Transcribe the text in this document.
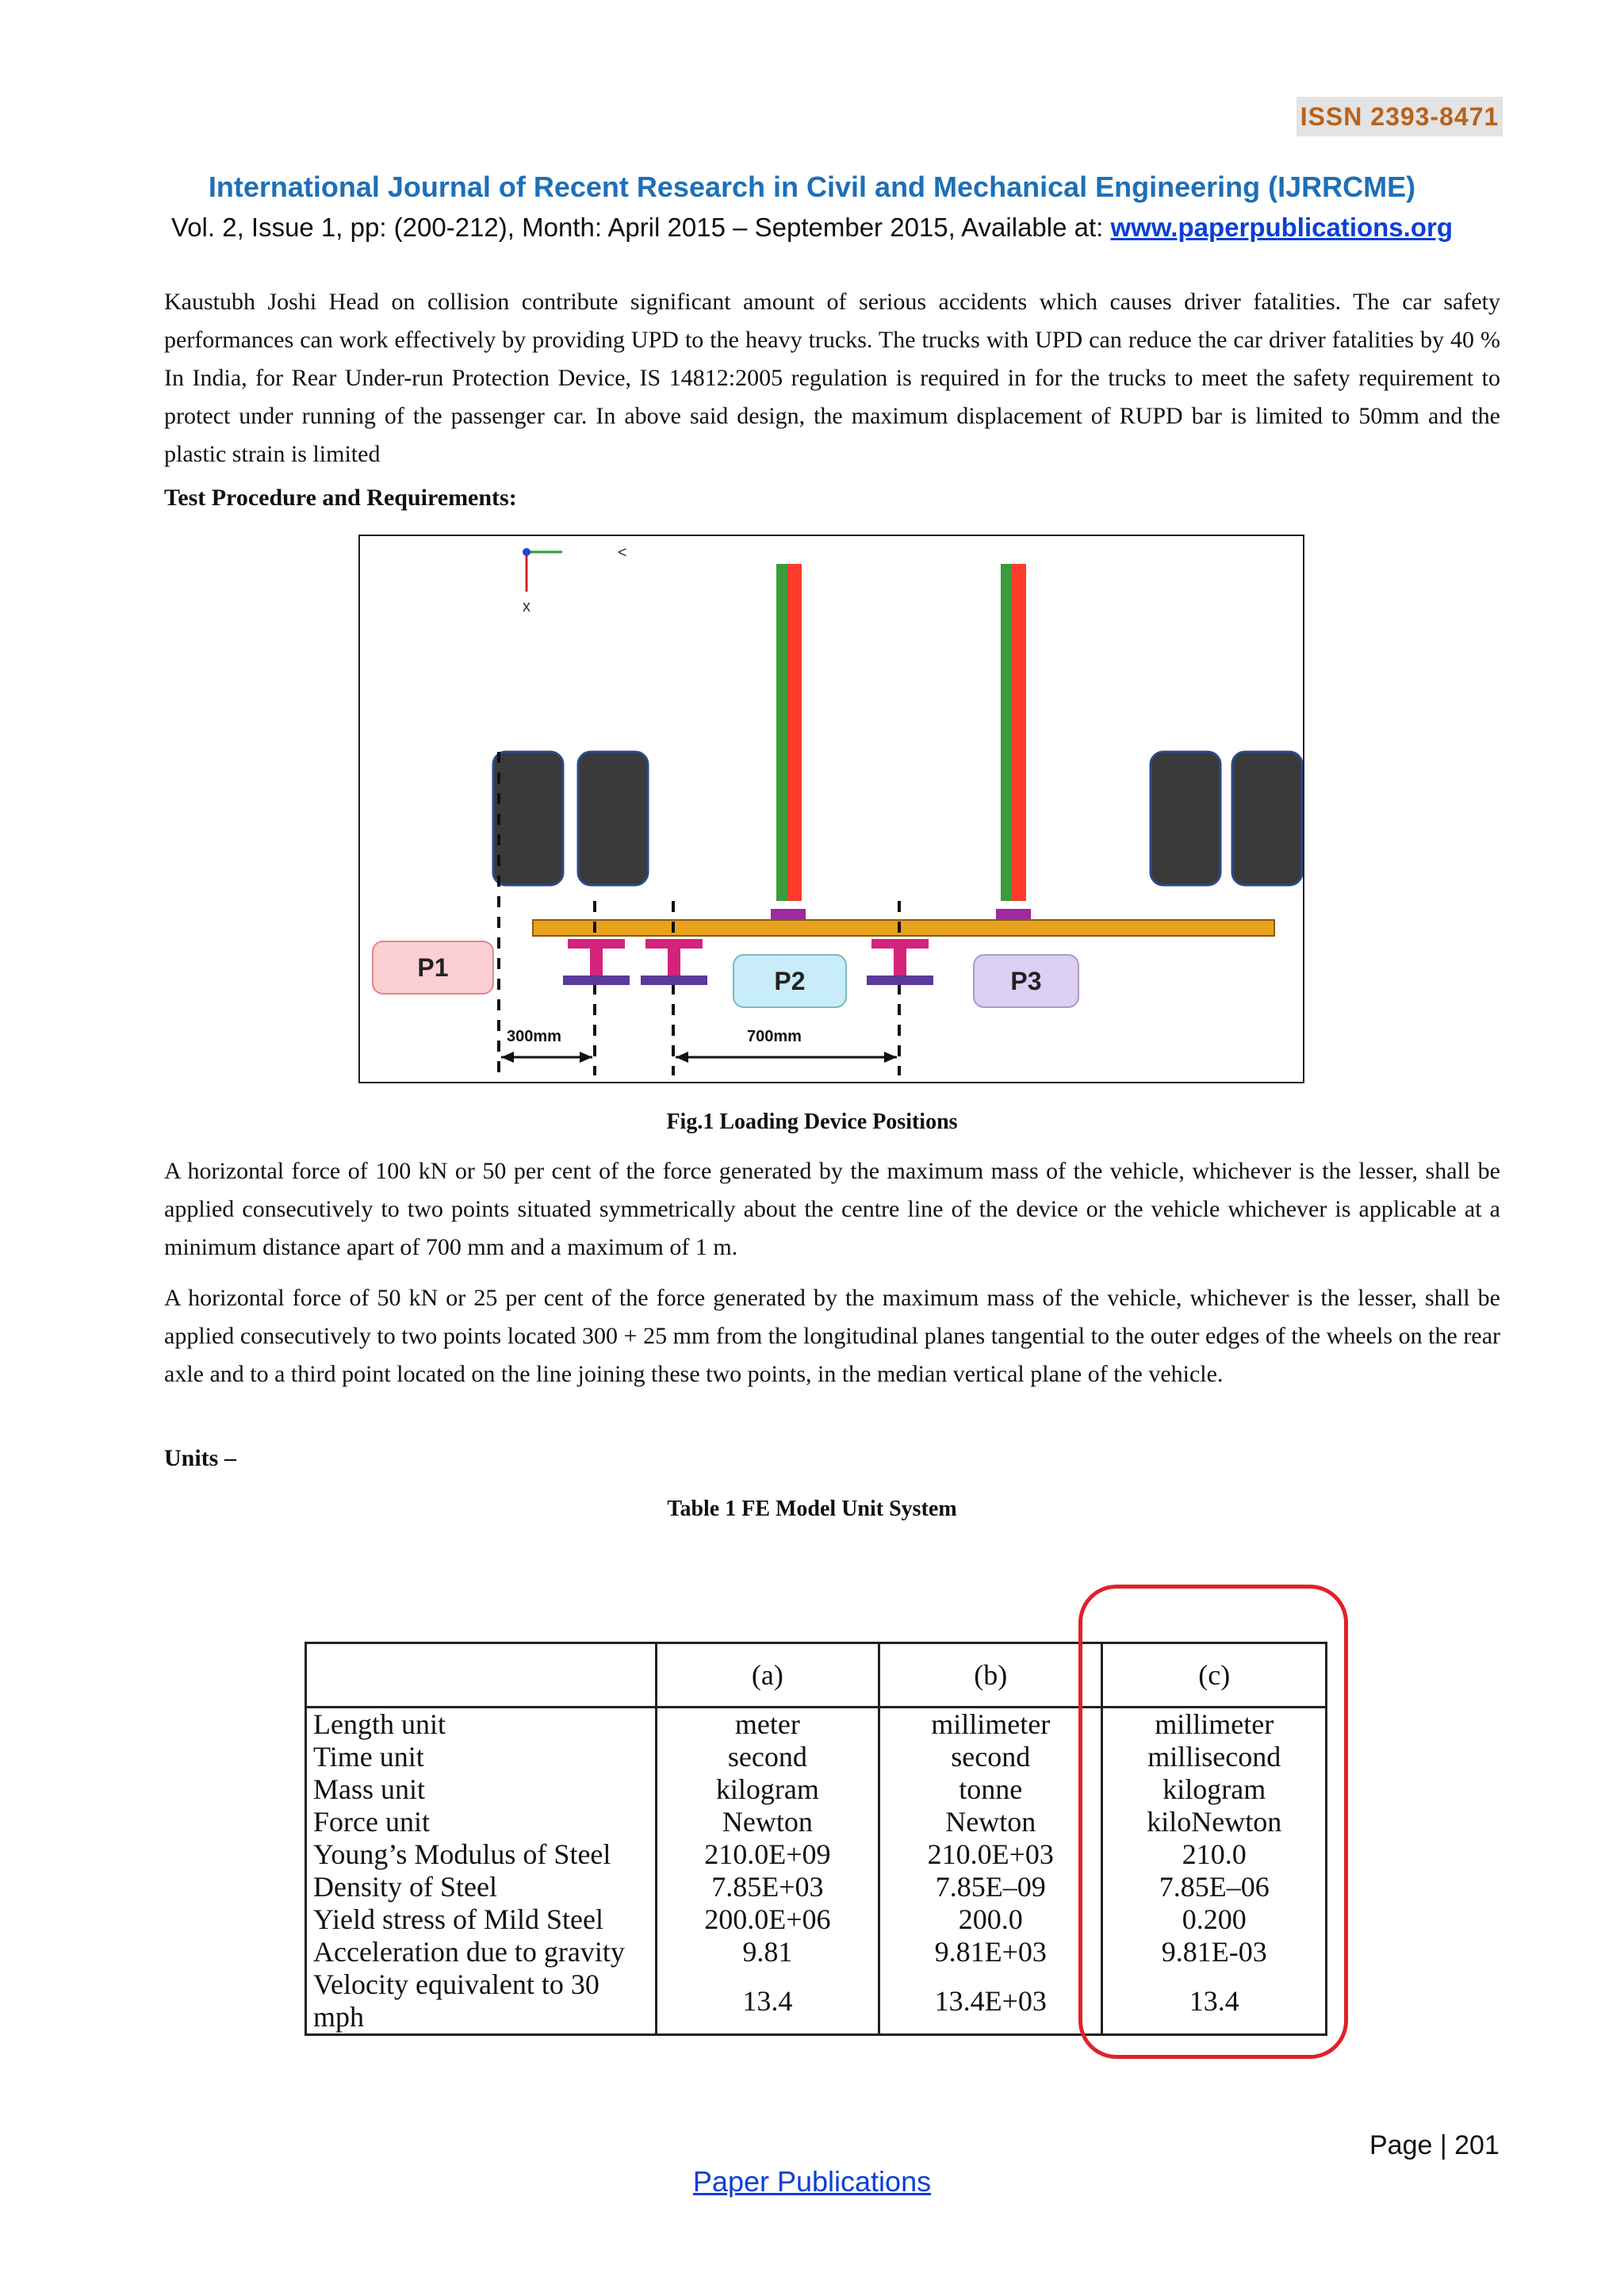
ISSN 2393-8471
International Journal of Recent Research in Civil and Mechanical Engineering (IJRRCME)
Vol. 2, Issue 1, pp: (200-212), Month: April 2015 – September 2015, Available at: www.paperpublications.org
Kaustubh Joshi Head on collision contribute significant amount of serious accidents which causes driver fatalities. The car safety performances can work effectively by providing UPD to the heavy trucks. The trucks with UPD can reduce the car driver fatalities by 40 % In India, for Rear Under-run Protection Device, IS 14812:2005 regulation is required in for the trucks to meet the safety requirement to protect under running of the passenger car. In above said design, the maximum displacement of RUPD bar is limited to 50mm and the plastic strain is limited
Test Procedure and Requirements:
x
<
P1	P2	P3
300mm	700mm
Fig.1 Loading Device Positions
A horizontal force of 100 kN or 50 per cent of the force generated by the maximum mass of the vehicle, whichever is the lesser, shall be applied consecutively to two points situated symmetrically about the centre line of the device or the vehicle whichever is applicable at a minimum distance apart of 700 mm and a maximum of 1 m.
A horizontal force of 50 kN or 25 per cent of the force generated by the maximum mass of the vehicle, whichever is the lesser, shall be applied consecutively to two points located 300 + 25 mm from the longitudinal planes tangential to the outer edges of the wheels on the rear axle and to a third point located on the line joining these two points, in the median vertical plane of the vehicle.
Units –
Table 1 FE Model Unit System
	(a)	(b)	(c)
Length unit	meter	millimeter	millimeter
Time unit	second	second	millisecond
Mass unit	kilogram	tonne	kilogram
Force unit	Newton	Newton	kiloNewton
Young’s Modulus of Steel	210.0E+09	210.0E+03	210.0
Density of Steel	7.85E+03	7.85E–09	7.85E–06
Yield stress of Mild Steel	200.0E+06	200.0	0.200
Acceleration due to gravity	9.81	9.81E+03	9.81E-03
Velocity equivalent to 30 mph	13.4	13.4E+03	13.4
Page | 201
Paper Publications
